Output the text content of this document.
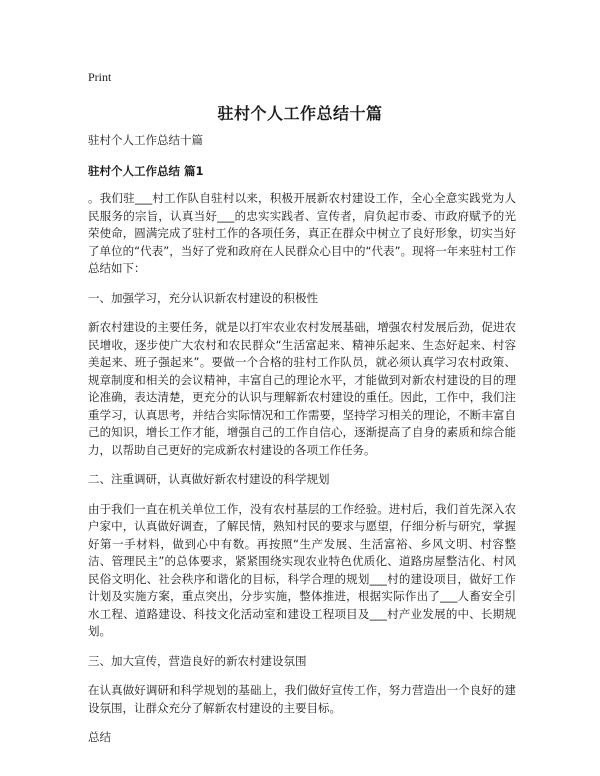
Print
驻村个人工作总结十篇

驻村个人工作总结十篇

驻村个人工作总结 篇1

。我们驻___村工作队自驻村以来，积极开展新农村建设工作，全心全意实践党为人民服务的宗旨，认真当好___的忠实实践者、宣传者，肩负起市委、市政府赋予的光荣使命，圆满完成了驻村工作的各项任务，真正在群众中树立了良好形象，切实当好了单位的“代表”，当好了党和政府在人民群众心目中的“代表”。现将一年来驻村工作总结如下：

一、加强学习，充分认识新农村建设的积极性

新农村建设的主要任务，就是以打牢农业农村发展基础，增强农村发展后劲，促进农民增收，逐步使广大农村和农民群众“生活富起来、精神乐起来、生态好起来、村容美起来、班子强起来”。要做一个合格的驻村工作队员，就必须认真学习农村政策、规章制度和相关的会议精神，丰富自己的理论水平，才能做到对新农村建设的目的理论准确，表达清楚，更充分的认识与理解新农村建设的重任。因此，工作中，我们注重学习，认真思考，并结合实际情况和工作需要，坚持学习相关的理论，不断丰富自己的知识，增长工作才能，增强自己的工作自信心，逐渐提高了自身的素质和综合能力，以帮助自己更好的完成新农村建设的各项工作任务。

二、注重调研，认真做好新农村建设的科学规划

由于我们一直在机关单位工作，没有农村基层的工作经验。进村后，我们首先深入农户家中，认真做好调查，了解民情，熟知村民的要求与愿望，仔细分析与研究，掌握好第一手材料，做到心中有数。再按照“生产发展、生活富裕、乡风文明、村容整洁、管理民主”的总体要求，紧紧围绕实现农业特色优质化、道路房屋整洁化、村风民俗文明化、社会秩序和谐化的目标，科学合理的规划___村的建设项目，做好工作计划及实施方案，重点突出，分步实施，整体推进，根据实际作出了___人畜安全引水工程、道路建设、科技文化活动室和建设工程项目及___村产业发展的中、长期规划。

三、加大宣传，营造良好的新农村建设氛围

在认真做好调研和科学规划的基础上，我们做好宣传工作，努力营造出一个良好的建设氛围，让群众充分了解新农村建设的主要目标。

总结
